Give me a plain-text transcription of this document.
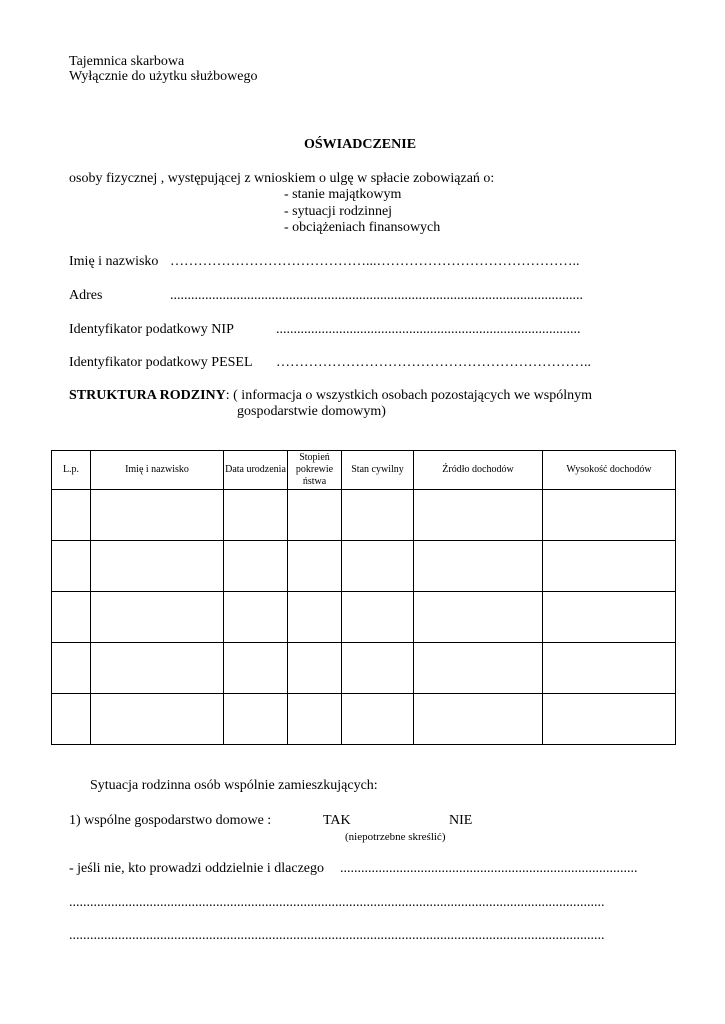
Tajemnica skarbowa
Wyłącznie do użytku służbowego
OŚWIADCZENIE
osoby fizycznej , występującej z wnioskiem o ulgę w spłacie zobowiązań o:
- stanie majątkowym
- sytuacji rodzinnej
- obciążeniach finansowych
Imię i nazwisko ……………………………………...……………………………………..
Adres	......................................................................................................................
Identyfikator podatkowy NIP	.......................................................................................
Identyfikator podatkowy PESEL …………………………………………………………..
STRUKTURA RODZINY: ( informacja o wszystkich osobach pozostających we wspólnym
gospodarstwie domowym)
L.p.	Imię i nazwisko	Data urodzenia	Stopień pokrewie ństwa	Stan cywilny	Źródło dochodów	Wysokość dochodów

Sytuacja rodzinna osób wspólnie zamieszkujących:
1) wspólne gospodarstwo domowe :	TAK	NIE
(niepotrzebne skreślić)
- jeśli nie, kto prowadzi oddzielnie i dlaczego .....................................................................................
.........................................................................................................................................................
.........................................................................................................................................................
